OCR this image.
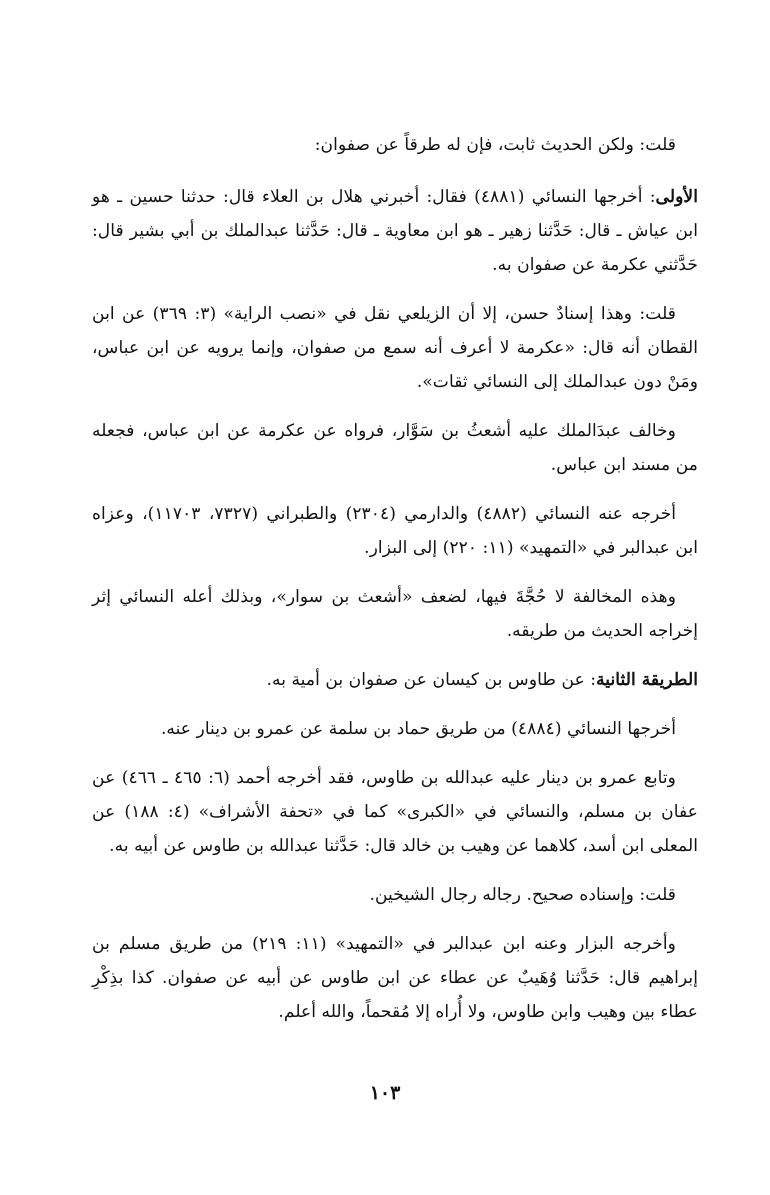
قلت: ولكن الحديث ثابت، فإن له طرقاً عن صفوان:

الأولى: أخرجها النسائي (٤٨٨١) فقال: أخبرني هلال بن العلاء قال: حدثنا حسين ـ هو ابن عياش ـ قال: حَدَّثنا زهير ـ هو ابن معاوية ـ قال: حَدَّثنا عبدالملك بن أبي بشير قال: حَدَّثني عكرمة عن صفوان به.

قلت: وهذا إسنادٌ حسن، إلا أن الزيلعي نقل في «نصب الراية» (٣: ٣٦٩) عن ابن القطان أنه قال: «عكرمة لا أعرف أنه سمع من صفوان، وإنما يرويه عن ابن عباس، ومَنْ دون عبدالملك إلى النسائي ثقات».

وخالف عبدَالملك عليه أشعثُ بن سَوَّار، فرواه عن عكرمة عن ابن عباس، فجعله من مسند ابن عباس.

أخرجه عنه النسائي (٤٨٨٢) والدارمي (٢٣٠٤) والطبراني (٧٣٢٧، ١١٧٠٣)، وعزاه ابن عبدالبر في «التمهيد» (١١: ٢٢٠) إلى البزار.

وهذه المخالفة لا حُجَّةَ فيها، لضعف «أشعث بن سوار»، وبذلك أعله النسائي إثر إخراجه الحديث من طريقه.

الطريقة الثانية: عن طاوس بن كيسان عن صفوان بن أمية به.

أخرجها النسائي (٤٨٨٤) من طريق حماد بن سلمة عن عمرو بن دينار عنه.

وتابع عمرو بن دينار عليه عبدالله بن طاوس، فقد أخرجه أحمد (٦: ٤٦٥ ـ ٤٦٦) عن عفان بن مسلم، والنسائي في «الكبرى» كما في «تحفة الأشراف» (٤: ١٨٨) عن المعلى ابن أسد، كلاهما عن وهيب بن خالد قال: حَدَّثنا عبدالله بن طاوس عن أبيه به.

قلت: وإسناده صحيح. رجاله رجال الشيخين.

وأخرجه البزار وعنه ابن عبدالبر في «التمهيد» (١١: ٢١٩) من طريق مسلم بن إبراهيم قال: حَدَّثنا وُهَيبٌ عن عطاء عن ابن طاوس عن أبيه عن صفوان. كذا بذِكْرِ عطاء بين وهيب وابن طاوس، ولا أُراه إلا مُقحماً، والله أعلم.

١٠٣
